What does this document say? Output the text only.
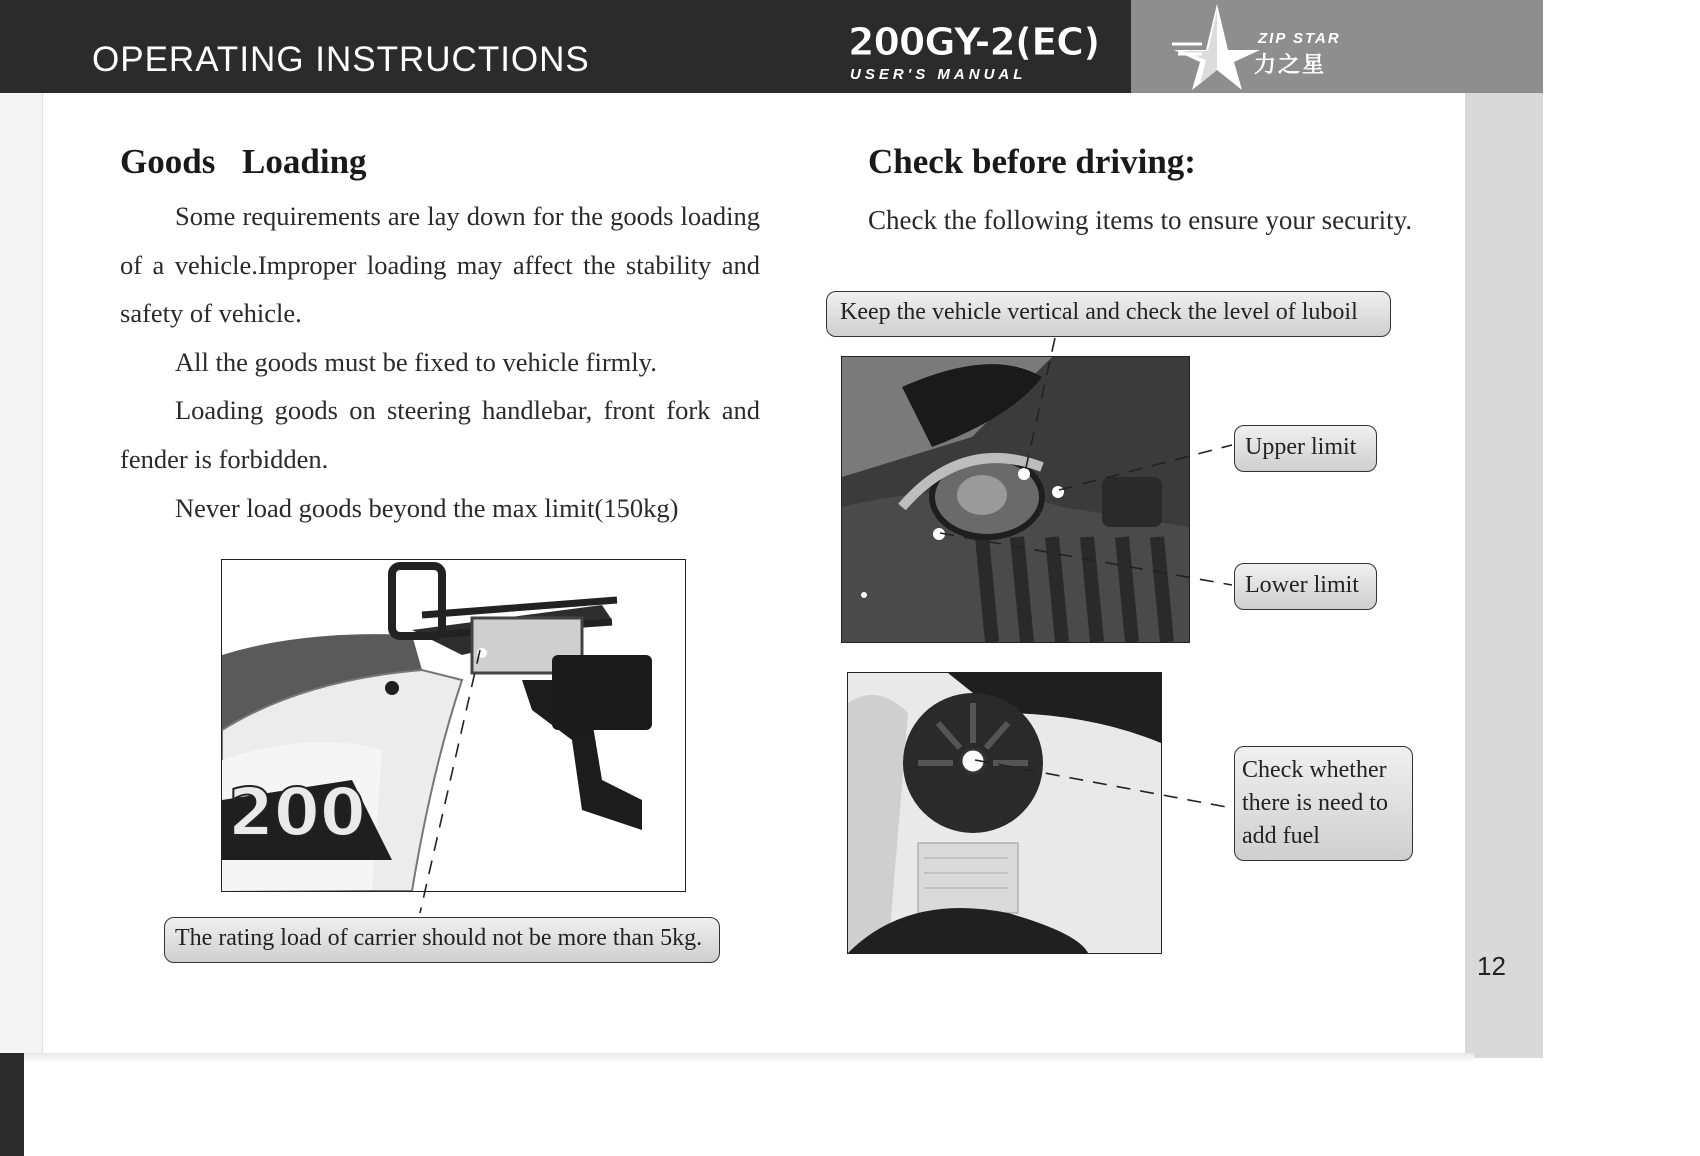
OPERATING INSTRUCTIONS	200GY-2(EC)
USER'S MANUAL
ZIP STAR
力之星
Goods Loading

Some requirements are lay down for the goods loading of a vehicle.Improper loading may affect the stability and safety of vehicle.

All the goods must be fixed to vehicle firmly.

Loading goods on steering handlebar, front fork and fender is forbidden.

Never load goods beyond the max limit(150kg)

200
The rating load of carrier should not be more than 5kg.
Check before driving:
Check the following items to ensure your security.
Keep the vehicle vertical and check the level of luboil
Upper limit
Lower limit
Check whether there is need to add fuel
12
